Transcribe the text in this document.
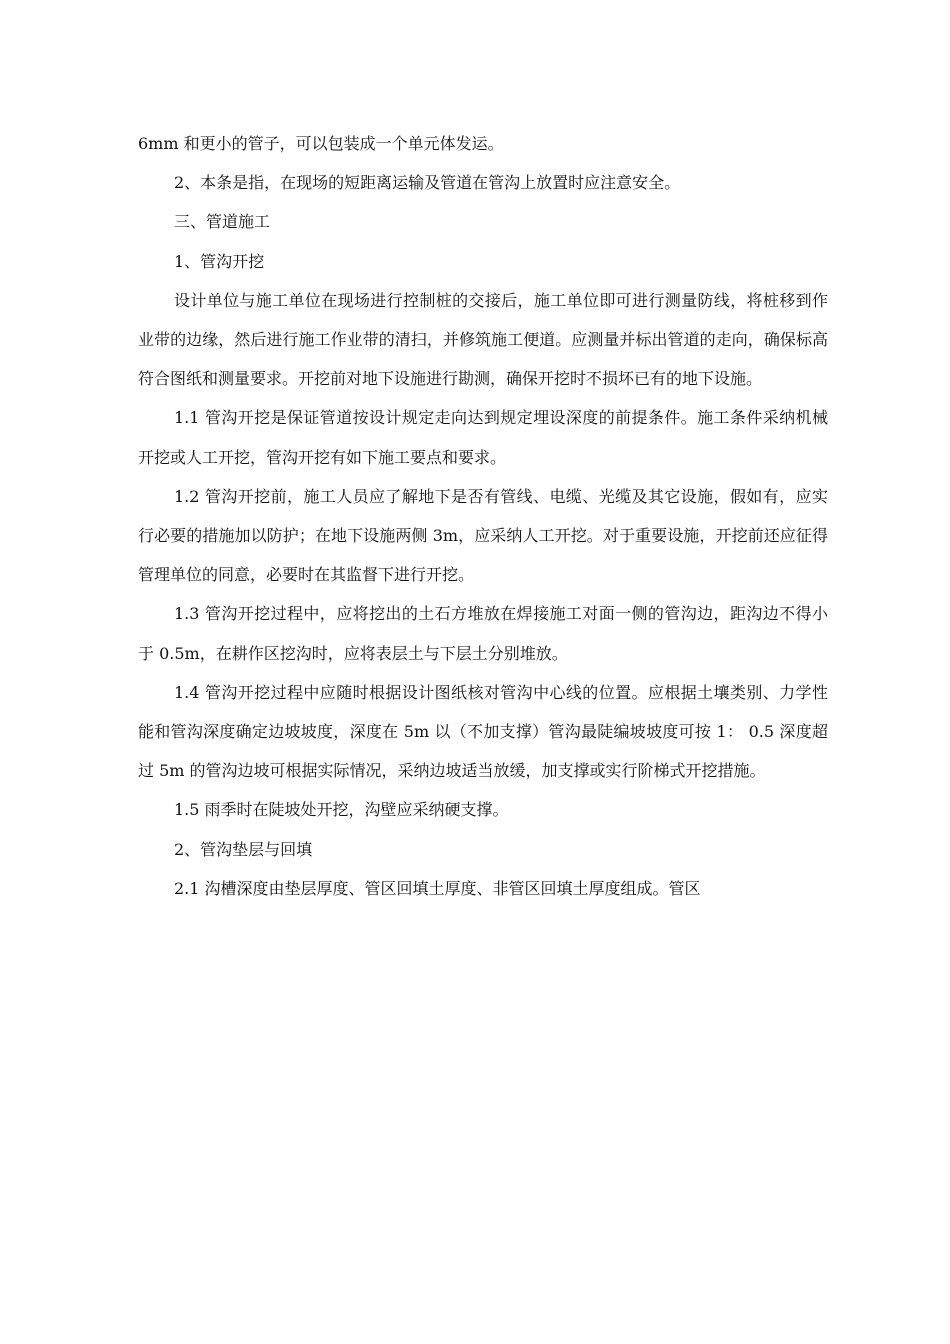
6mm 和更小的管子，可以包装成一个单元体发运。

2、本条是指，在现场的短距离运输及管道在管沟上放置时应注意安全。

三、管道施工

1、管沟开挖

设计单位与施工单位在现场进行控制桩的交接后，施工单位即可进行测量防线，将桩移到作业带的边缘，然后进行施工作业带的清扫，并修筑施工便道。应测量并标出管道的走向，确保标高符合图纸和测量要求。开挖前对地下设施进行勘测，确保开挖时不损坏已有的地下设施。

1.1 管沟开挖是保证管道按设计规定走向达到规定埋设深度的前提条件。施工条件采纳机械开挖或人工开挖，管沟开挖有如下施工要点和要求。

1.2 管沟开挖前，施工人员应了解地下是否有管线、电缆、光缆及其它设施，假如有，应实行必要的措施加以防护；在地下设施两侧 3m，应采纳人工开挖。对于重要设施，开挖前还应征得管理单位的同意，必要时在其监督下进行开挖。

1.3 管沟开挖过程中，应将挖出的土石方堆放在焊接施工对面一侧的管沟边，距沟边不得小于 0.5m，在耕作区挖沟时，应将表层土与下层土分别堆放。

1.4 管沟开挖过程中应随时根据设计图纸核对管沟中心线的位置。应根据土壤类别、力学性能和管沟深度确定边坡坡度，深度在 5m 以（不加支撑）管沟最陡编坡坡度可按 1： 0.5 深度超过 5m 的管沟边坡可根据实际情况，采纳边坡适当放缓，加支撑或实行阶梯式开挖措施。

1.5 雨季时在陡坡处开挖，沟壁应采纳硬支撑。

2、管沟垫层与回填

2.1 沟槽深度由垫层厚度、管区回填土厚度、非管区回填土厚度组成。管区
